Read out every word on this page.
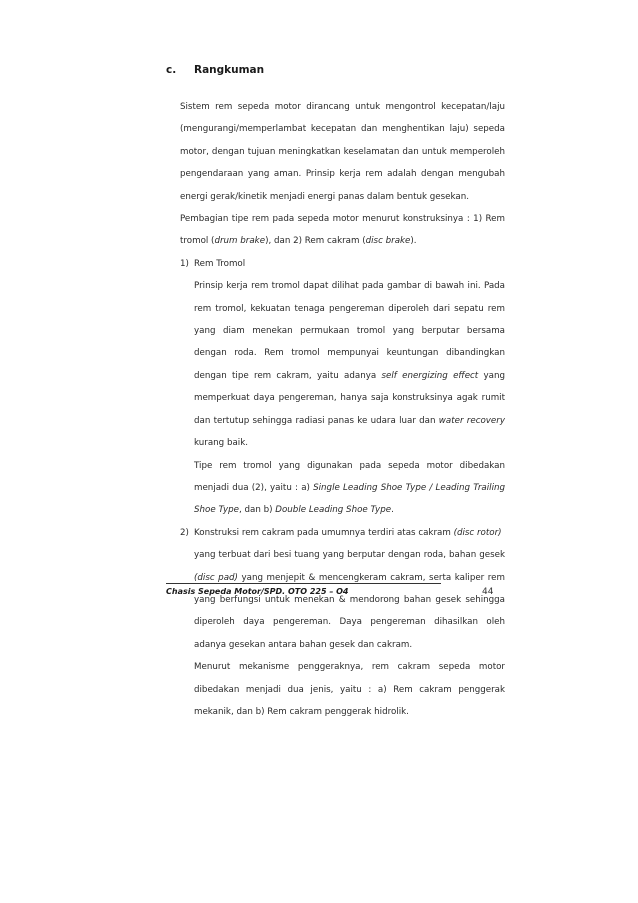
c. Rangkuman
Sistem rem sepeda motor dirancang untuk mengontrol kecepatan/laju (mengurangi/memperlambat kecepatan dan menghentikan laju) sepeda motor, dengan tujuan meningkatkan keselamatan dan untuk memperoleh pengendaraan yang aman. Prinsip kerja rem adalah dengan mengubah energi gerak/kinetik menjadi energi panas dalam bentuk gesekan.
Pembagian tipe rem pada sepeda motor menurut konstruksinya : 1) Rem tromol (drum brake), dan 2) Rem cakram (disc brake).
1) Rem Tromol
Prinsip kerja rem tromol dapat dilihat pada gambar di bawah ini. Pada rem tromol, kekuatan tenaga pengereman diperoleh dari sepatu rem yang diam menekan permukaan tromol yang berputar bersama dengan roda. Rem tromol mempunyai keuntungan dibandingkan dengan tipe rem cakram, yaitu adanya self energizing effect yang memperkuat daya pengereman, hanya saja konstruksinya agak rumit dan tertutup sehingga radiasi panas ke udara luar dan water recovery kurang baik.
Tipe rem tromol yang digunakan pada sepeda motor dibedakan menjadi dua (2), yaitu : a) Single Leading Shoe Type / Leading Trailing Shoe Type, dan b) Double Leading Shoe Type.
2) Konstruksi rem cakram pada umumnya terdiri atas cakram (disc rotor)
yang terbuat dari besi tuang yang berputar dengan roda, bahan gesek (disc pad) yang menjepit & mencengkeram cakram, serta kaliper rem yang berfungsi untuk menekan & mendorong bahan gesek sehingga diperoleh daya pengereman. Daya pengereman dihasilkan oleh adanya gesekan antara bahan gesek dan cakram.
Menurut mekanisme penggeraknya, rem cakram sepeda motor dibedakan menjadi dua jenis, yaitu : a) Rem cakram penggerak mekanik, dan b) Rem cakram penggerak hidrolik.
Chasis Sepeda Motor/SPD. OTO 225 – O4	44
